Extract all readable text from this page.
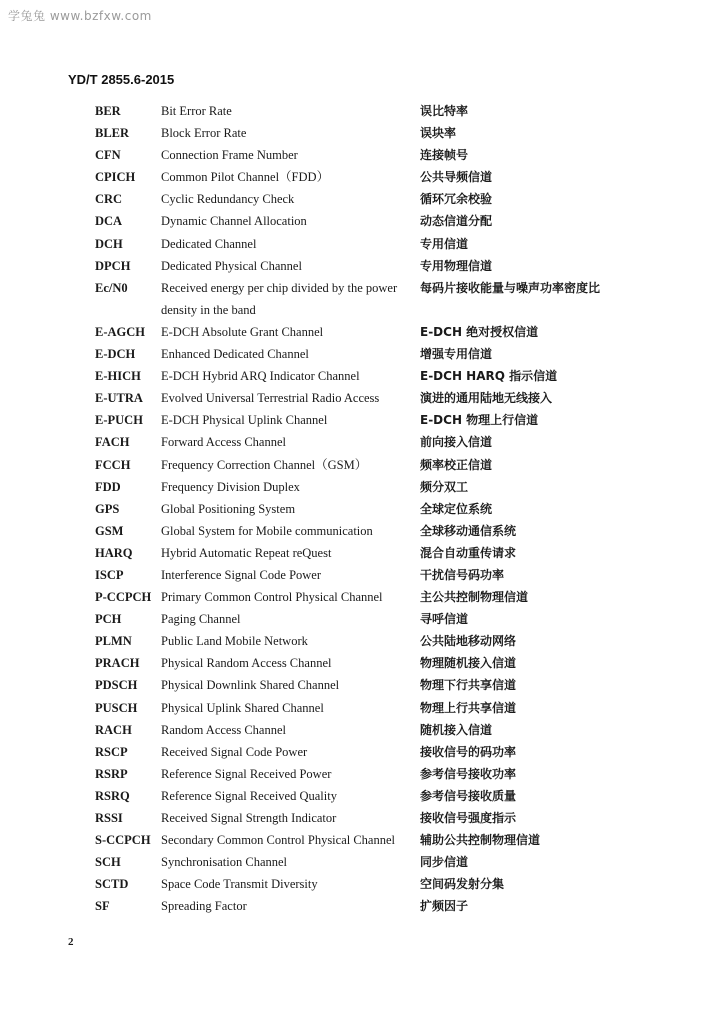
学兔兔 www.bzfxw.com
YD/T 2855.6-2015
BER	Bit Error Rate	误比特率
BLER	Block Error Rate	误块率
CFN	Connection Frame Number	连接帧号
CPICH	Common Pilot Channel（FDD）	公共导频信道
CRC	Cyclic Redundancy Check	循环冗余校验
DCA	Dynamic Channel Allocation	动态信道分配
DCH	Dedicated Channel	专用信道
DPCH	Dedicated Physical Channel	专用物理信道
Ec/N0	Received energy per chip divided by the power	每码片接收能量与噪声功率密度比
density in the band
E-AGCH	E-DCH Absolute Grant Channel	E-DCH 绝对授权信道
E-DCH	Enhanced Dedicated Channel	增强专用信道
E-HICH	E-DCH Hybrid ARQ Indicator Channel	E-DCH HARQ 指示信道
E-UTRA	Evolved Universal Terrestrial Radio Access	演进的通用陆地无线接入
E-PUCH	E-DCH Physical Uplink Channel	E-DCH 物理上行信道
FACH	Forward Access Channel	前向接入信道
FCCH	Frequency Correction Channel（GSM）	频率校正信道
FDD	Frequency Division Duplex	频分双工
GPS	Global Positioning System	全球定位系统
GSM	Global System for Mobile communication	全球移动通信系统
HARQ	Hybrid Automatic Repeat reQuest	混合自动重传请求
ISCP	Interference Signal Code Power	干扰信号码功率
P-CCPCH Primary Common Control Physical Channel	主公共控制物理信道
PCH	Paging Channel	寻呼信道
PLMN	Public Land Mobile Network	公共陆地移动网络
PRACH	Physical Random Access Channel	物理随机接入信道
PDSCH	Physical Downlink Shared Channel	物理下行共享信道
PUSCH	Physical Uplink Shared Channel	物理上行共享信道
RACH	Random Access Channel	随机接入信道
RSCP	Received Signal Code Power	接收信号的码功率
RSRP	Reference Signal Received Power	参考信号接收功率
RSRQ	Reference Signal Received Quality	参考信号接收质量
RSSI	Received Signal Strength Indicator	接收信号强度指示
S-CCPCH Secondary Common Control Physical Channel	辅助公共控制物理信道
SCH	Synchronisation Channel	同步信道
SCTD	Space Code Transmit Diversity	空间码发射分集
SF	Spreading Factor	扩频因子
2
